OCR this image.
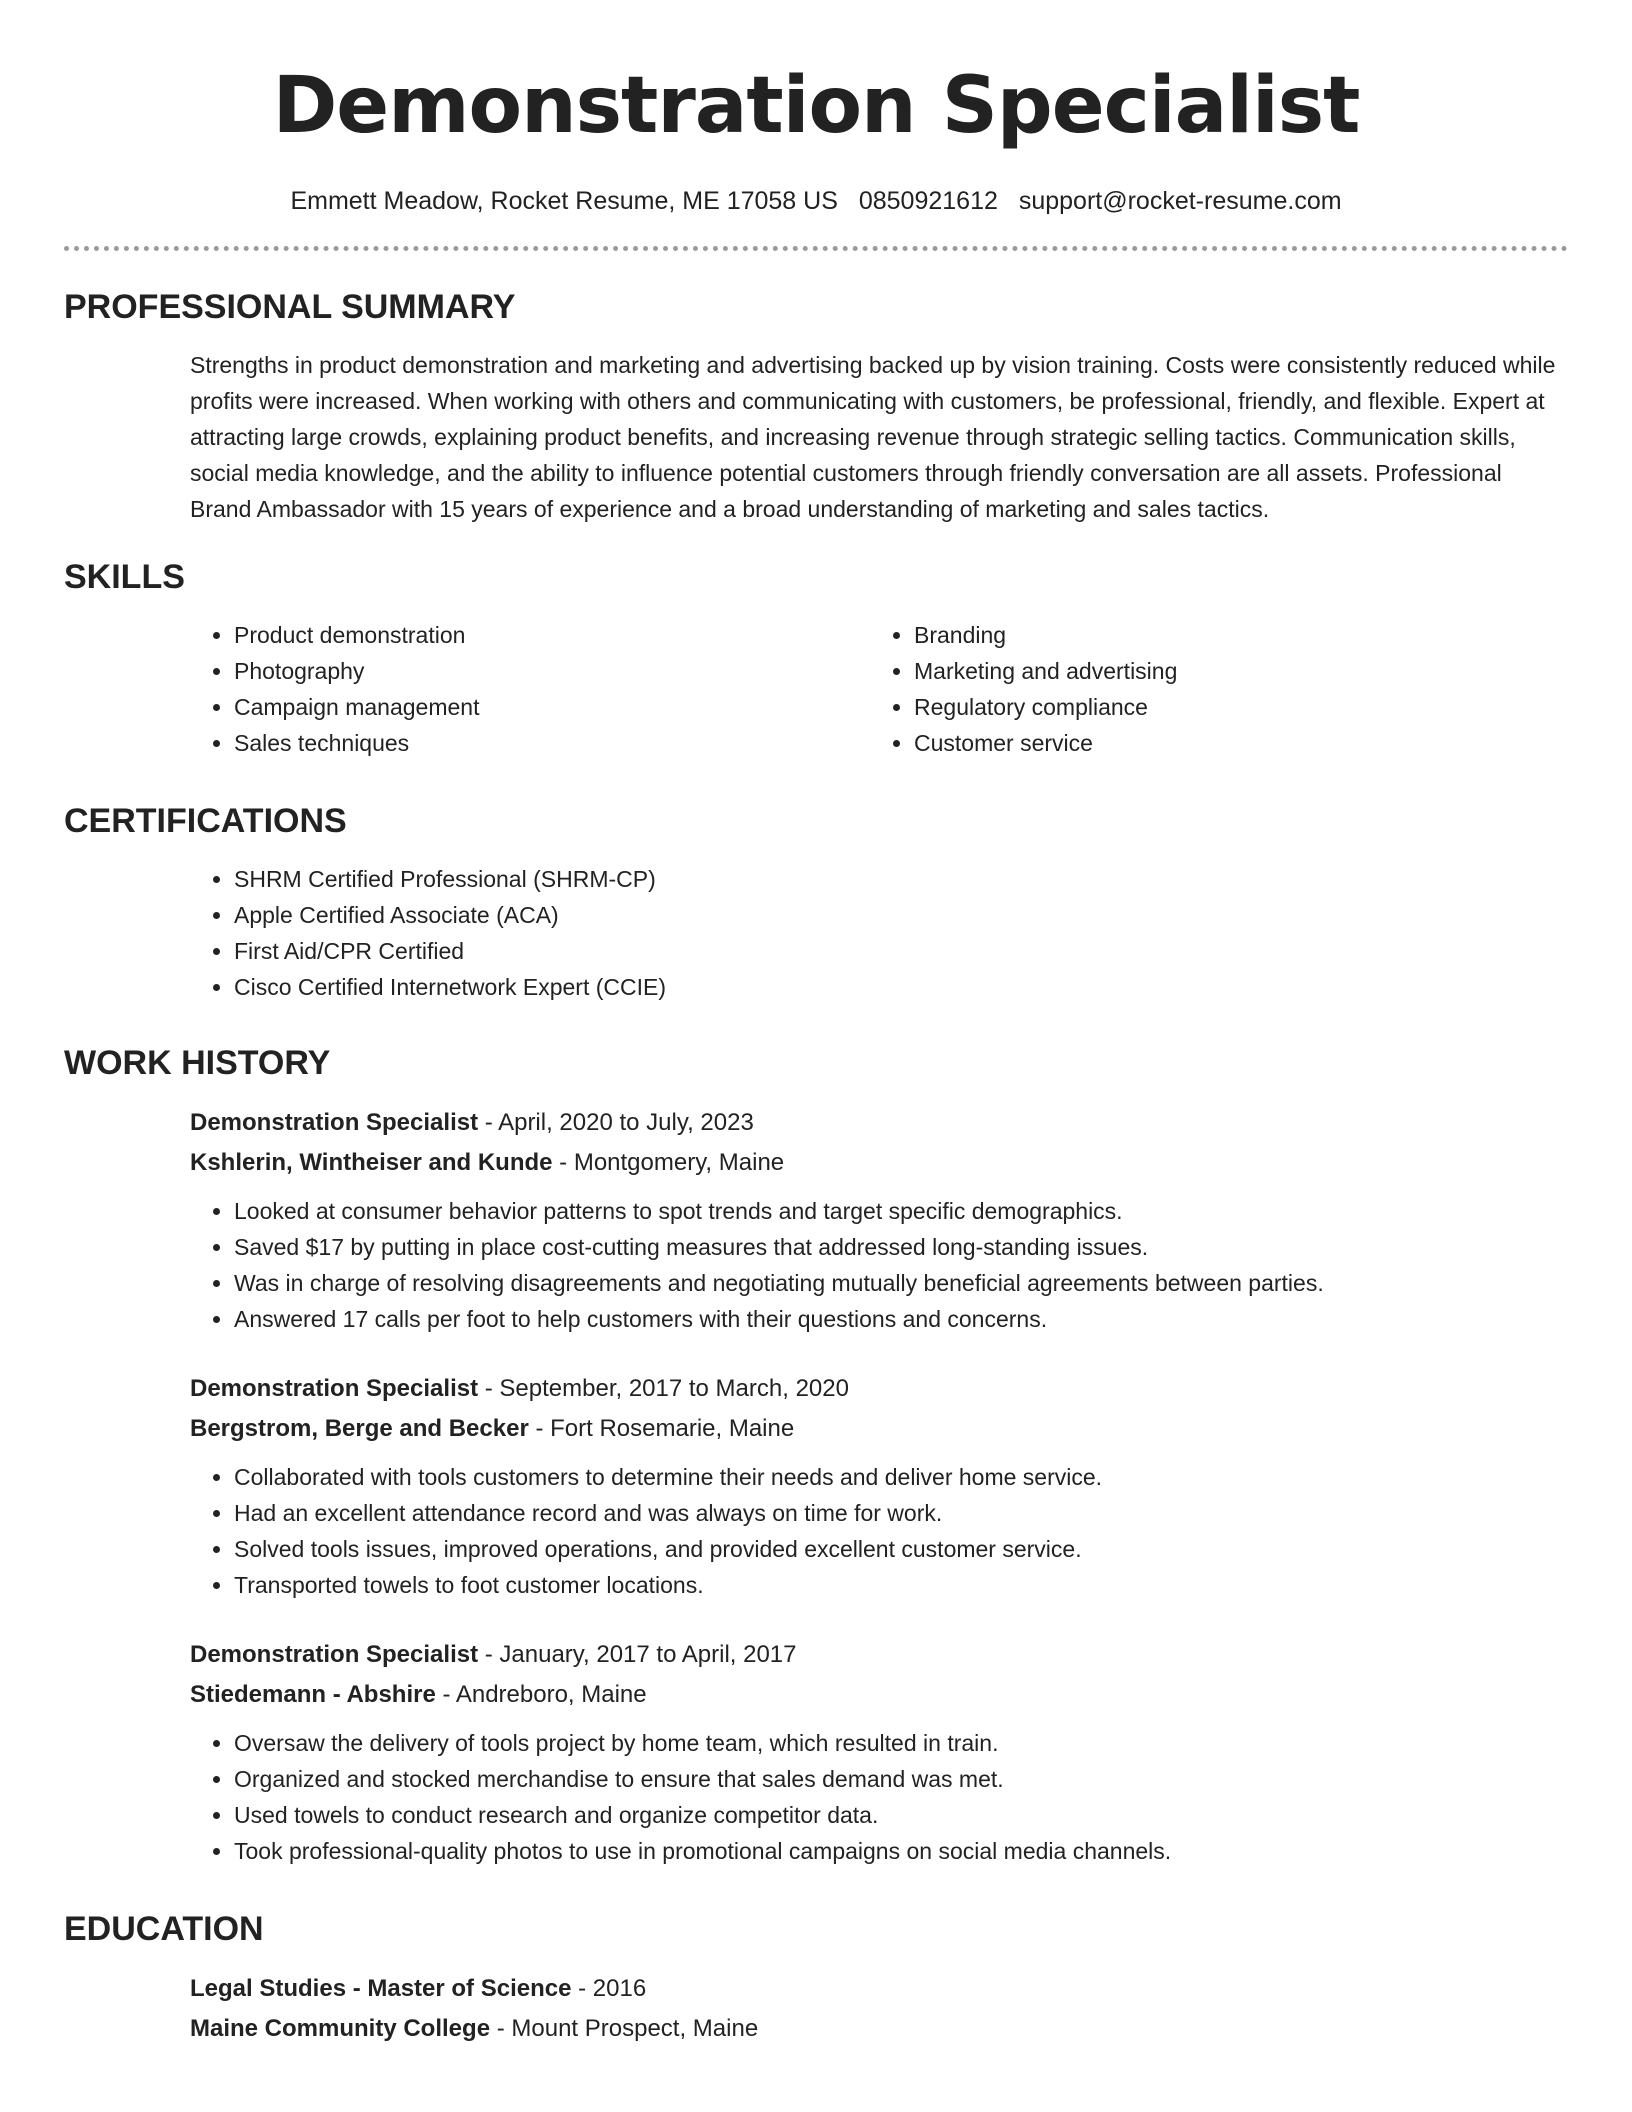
Demonstration Specialist
Emmett Meadow, Rocket Resume, ME 17058 US 0850921612 support@rocket-resume.com
PROFESSIONAL SUMMARY

Strengths in product demonstration and marketing and advertising backed up by vision training. Costs were consistently reduced while profits were increased. When working with others and communicating with customers, be professional, friendly, and flexible. Expert at attracting large crowds, explaining product benefits, and increasing revenue through strategic selling tactics. Communication skills, social media knowledge, and the ability to influence potential customers through friendly conversation are all assets. Professional Brand Ambassador with 15 years of experience and a broad understanding of marketing and sales tactics.

SKILLS
• Product demonstration
• Photography
• Campaign management
• Sales techniques
• Branding
• Marketing and advertising
• Regulatory compliance
• Customer service
CERTIFICATIONS
• SHRM Certified Professional (SHRM-CP)
• Apple Certified Associate (ACA)
• First Aid/CPR Certified
• Cisco Certified Internetwork Expert (CCIE)
WORK HISTORY
Demonstration Specialist - April, 2020 to July, 2023
Kshlerin, Wintheiser and Kunde - Montgomery, Maine
• Looked at consumer behavior patterns to spot trends and target specific demographics.
• Saved $17 by putting in place cost-cutting measures that addressed long-standing issues.
• Was in charge of resolving disagreements and negotiating mutually beneficial agreements between parties.
• Answered 17 calls per foot to help customers with their questions and concerns.
Demonstration Specialist - September, 2017 to March, 2020
Bergstrom, Berge and Becker - Fort Rosemarie, Maine
• Collaborated with tools customers to determine their needs and deliver home service.
• Had an excellent attendance record and was always on time for work.
• Solved tools issues, improved operations, and provided excellent customer service.
• Transported towels to foot customer locations.
Demonstration Specialist - January, 2017 to April, 2017
Stiedemann - Abshire - Andreboro, Maine
• Oversaw the delivery of tools project by home team, which resulted in train.
• Organized and stocked merchandise to ensure that sales demand was met.
• Used towels to conduct research and organize competitor data.
• Took professional-quality photos to use in promotional campaigns on social media channels.
EDUCATION
Legal Studies - Master of Science - 2016
Maine Community College - Mount Prospect, Maine
